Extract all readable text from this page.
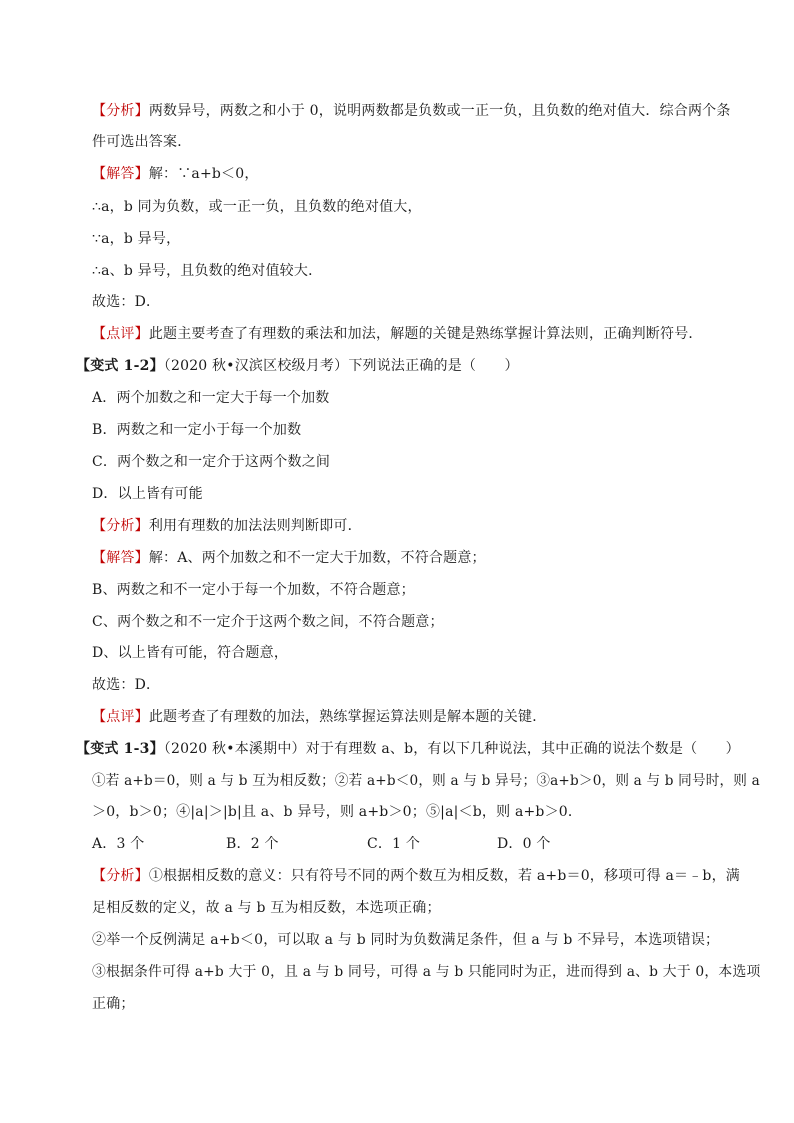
【分析】两数异号，两数之和小于 0，说明两数都是负数或一正一负，且负数的绝对值大．综合两个条
件可选出答案．
【解答】解：∵a+b＜0，
∴a，b 同为负数，或一正一负，且负数的绝对值大，
∵a，b 异号，
∴a、b 异号，且负数的绝对值较大．
故选：D．
【点评】此题主要考查了有理数的乘法和加法，解题的关键是熟练掌握计算法则，正确判断符号．
【变式 1-2】（2020 秋•汉滨区校级月考）下列说法正确的是（　　）
A．两个加数之和一定大于每一个加数
B．两数之和一定小于每一个加数
C．两个数之和一定介于这两个数之间
D．以上皆有可能
【分析】利用有理数的加法法则判断即可．
【解答】解：A、两个加数之和不一定大于加数，不符合题意；
B、两数之和不一定小于每一个加数，不符合题意；
C、两个数之和不一定介于这两个数之间，不符合题意；
D、以上皆有可能，符合题意，
故选：D．
【点评】此题考查了有理数的加法，熟练掌握运算法则是解本题的关键．
【变式 1-3】（2020 秋•本溪期中）对于有理数 a、b，有以下几种说法，其中正确的说法个数是（　　）
①若 a+b＝0，则 a 与 b 互为相反数；②若 a+b＜0，则 a 与 b 异号；③a+b＞0，则 a 与 b 同号时，则 a
＞0，b＞0；④|a|＞|b|且 a、b 异号，则 a+b＞0；⑤|a|＜b，则 a+b＞0．
A．3 个	B．2 个	C．1 个	D．0 个
【分析】①根据相反数的意义：只有符号不同的两个数互为相反数，若 a+b＝0，移项可得 a＝﹣b，满
足相反数的定义，故 a 与 b 互为相反数，本选项正确；
②举一个反例满足 a+b＜0，可以取 a 与 b 同时为负数满足条件，但 a 与 b 不异号，本选项错误；
③根据条件可得 a+b 大于 0，且 a 与 b 同号，可得 a 与 b 只能同时为正，进而得到 a、b 大于 0，本选项
正确；
